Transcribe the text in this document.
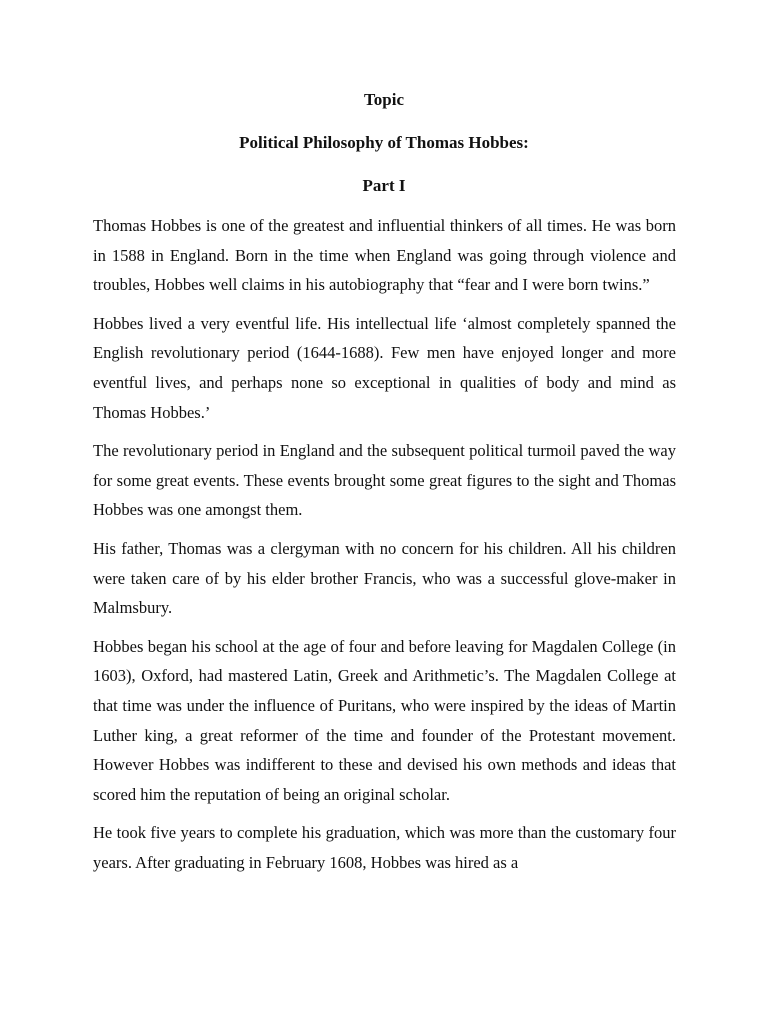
Topic

Political Philosophy of Thomas Hobbes:

Part I

Thomas Hobbes is one of the greatest and influential thinkers of all times. He was born in 1588 in England. Born in the time when England was going through violence and troubles, Hobbes well claims in his autobiography that “fear and I were born twins.”

Hobbes lived a very eventful life. His intellectual life ‘almost completely spanned the English revolutionary period (1644-1688). Few men have enjoyed longer and more eventful lives, and perhaps none so exceptional in qualities of body and mind as Thomas Hobbes.’

The revolutionary period in England and the subsequent political turmoil paved the way for some great events. These events brought some great figures to the sight and Thomas Hobbes was one amongst them.

His father, Thomas was a clergyman with no concern for his children. All his children were taken care of by his elder brother Francis, who was a successful glove-maker in Malmsbury.

Hobbes began his school at the age of four and before leaving for Magdalen College (in 1603), Oxford, had mastered Latin, Greek and Arithmetic’s. The Magdalen College at that time was under the influence of Puritans, who were inspired by the ideas of Martin Luther king, a great reformer of the time and founder of the Protestant movement. However Hobbes was indifferent to these and devised his own methods and ideas that scored him the reputation of being an original scholar.

He took five years to complete his graduation, which was more than the customary four years. After graduating in February 1608, Hobbes was hired as a
